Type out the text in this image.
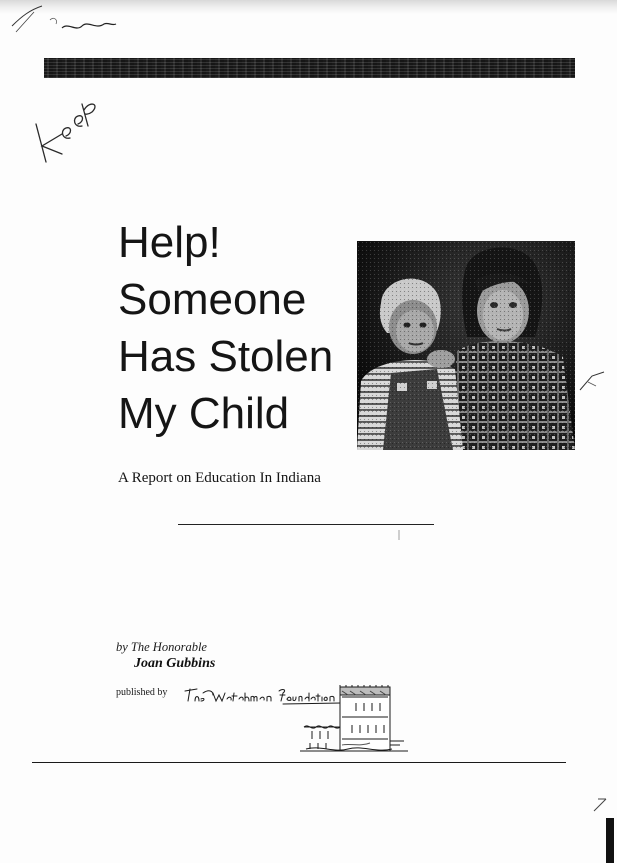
Help!
Someone
Has Stolen
My Child

A Report on Education In Indiana

by The Honorable
Joan Gubbins
published by
